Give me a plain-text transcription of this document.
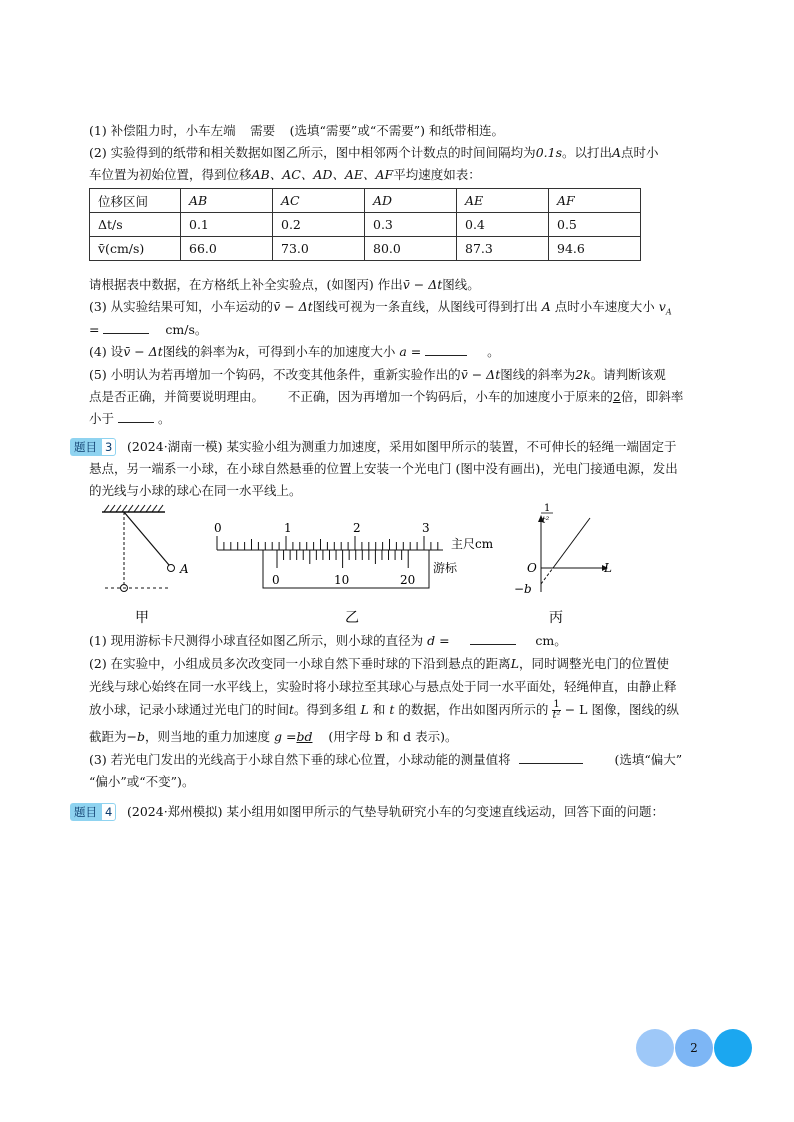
(1) 补偿阻力时，小车左端 需要 (选填“需要”或“不需要”) 和纸带相连。
(2) 实验得到的纸带和相关数据如图乙所示，图中相邻两个计数点的时间间隔均为0.1s。以打出A点时小
车位置为初始位置，得到位移AB、AC、AD、AE、AF平均速度如表：
位移区间	AB	AC	AD	AE	AF
Δt/s	0.1	0.2	0.3	0.4	0.5
v̄(cm/s)	66.0	73.0	80.0	87.3	94.6
请根据表中数据，在方格纸上补全实验点，(如图丙) 作出v̄ − Δt图线。
(3) 从实验结果可知，小车运动的v̄ − Δt图线可视为一条直线，从图线可得到打出 A 点时小车速度大小 $v_A$
=	cm/s。
(4) 设v̄ − Δt图线的斜率为k，可得到小车的加速度大小 a =	。
(5) 小明认为若再增加一个钩码，不改变其他条件，重新实验作出的v̄ − Δt图线的斜率为2k。请判断该观
点是否正确，并简要说明理由。 不正确，因为再增加一个钩码后，小车的加速度小于原来的2倍，即斜率
小于	。
题目 3	(2024·湖南一模) 某实验小组为测重力加速度，采用如图甲所示的装置，不可伸长的轻绳一端固定于
悬点，另一端系一小球，在小球自然悬垂的位置上安装一个光电门 (图中没有画出)，光电门接通电源，发出
的光线与小球的球心在同一水平线上。
A
甲
0	1	2	3
主尺cm
0	10	20
游标
乙
1
t²
O	L
−b
丙
(1) 现用游标卡尺测得小球直径如图乙所示，则小球的直径为 d =	cm。
(2) 在实验中，小组成员多次改变同一小球自然下垂时球的下沿到悬点的距离L，同时调整光电门的位置使
光线与球心始终在同一水平线上，实验时将小球拉至其球心与悬点处于同一水平面处，轻绳伸直，由静止释
放小球，记录小球通过光电门的时间t。得到多组 L 和 t 的数据，作出如图丙所示的 $\frac{1}{\text{t²}} - L$ 图像，图线的纵
截距为−b，则当地的重力加速度 g =bd (用字母 b 和 d 表示)。
(3) 若光电门发出的光线高于小球自然下垂的球心位置，小球动能的测量值将	(选填“偏大”
“偏小”或“不变”)。
题目 4	(2024·郑州模拟) 某小组用如图甲所示的气垫导轨研究小车的匀变速直线运动，回答下面的问题：
2
